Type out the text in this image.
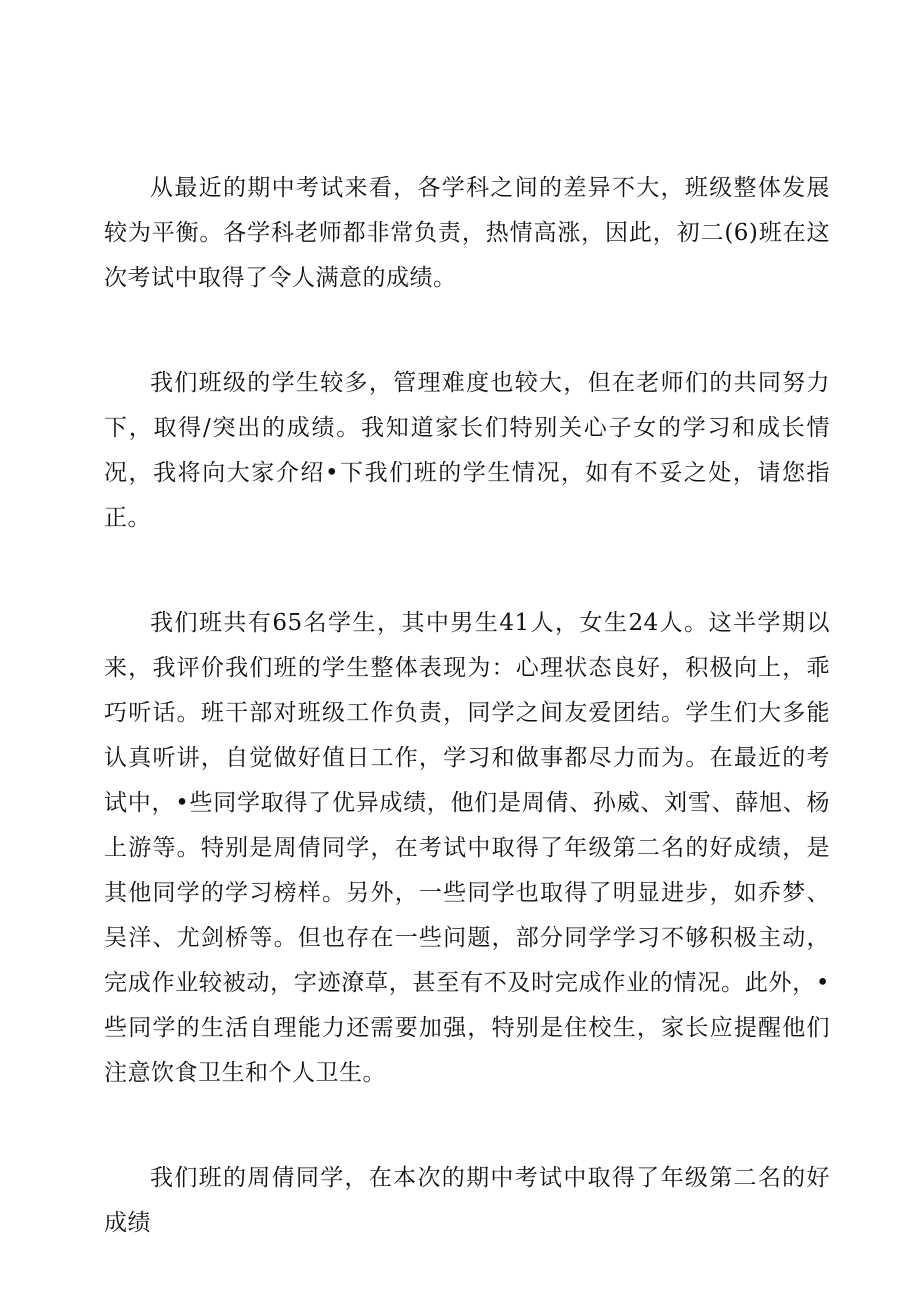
从最近的期中考试来看，各学科之间的差异不大，班级整体发展较为平衡。各学科老师都非常负责，热情高涨，因此，初二(6)班在这次考试中取得了令人满意的成绩。

我们班级的学生较多，管理难度也较大，但在老师们的共同努力下，取得/突出的成绩。我知道家长们特别关心子女的学习和成长情况，我将向大家介绍•下我们班的学生情况，如有不妥之处，请您指正。

我们班共有65名学生，其中男生41人，女生24人。这半学期以来，我评价我们班的学生整体表现为：心理状态良好，积极向上，乖巧听话。班干部对班级工作负责，同学之间友爱团结。学生们大多能认真听讲，自觉做好值日工作，学习和做事都尽力而为。在最近的考试中，•些同学取得了优异成绩，他们是周倩、孙威、刘雪、薛旭、杨上游等。特别是周倩同学，在考试中取得了年级第二名的好成绩，是其他同学的学习榜样。另外，一些同学也取得了明显进步，如乔梦、吴洋、尤剑桥等。但也存在一些问题，部分同学学习不够积极主动，完成作业较被动，字迹潦草，甚至有不及时完成作业的情况。此外，•些同学的生活自理能力还需要加强，特别是住校生，家长应提醒他们注意饮食卫生和个人卫生。

我们班的周倩同学，在本次的期中考试中取得了年级第二名的好成绩
